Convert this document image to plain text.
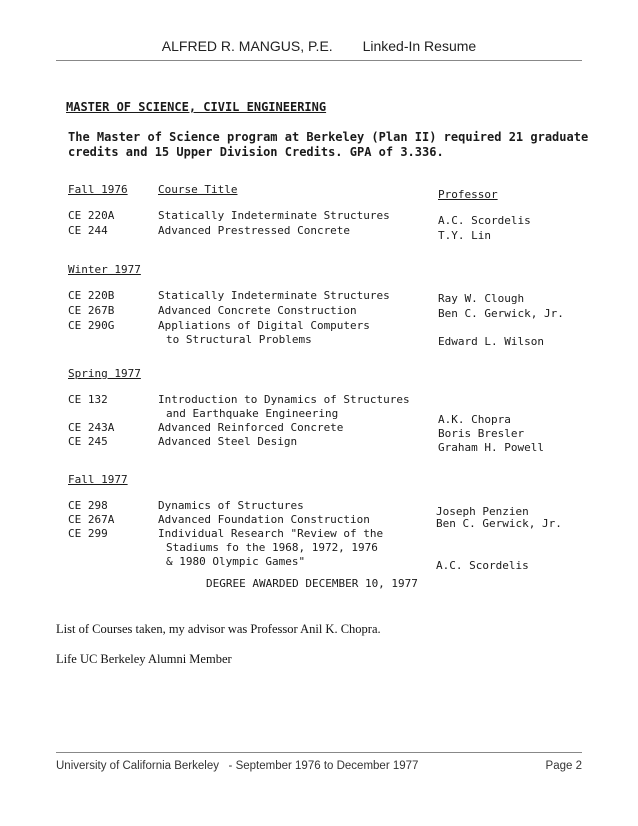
ALFRED R. MANGUS, P.E. Linked-In Resume
MASTER OF SCIENCE, CIVIL ENGINEERING
The Master of Science program at Berkeley (Plan II) required 21 graduate
credits and 15 Upper Division Credits. GPA of 3.336.
Fall 1976	Course Title	Professor
CE 220A	Statically Indeterminate Structures	A.C. Scordelis
CE 244	Advanced Prestressed Concrete	T.Y. Lin
Winter 1977
CE 220B	Statically Indeterminate Structures	Ray W. Clough
CE 267B	Advanced Concrete Construction	Ben C. Gerwick, Jr.
CE 290G	Appliations of Digital Computers
to Structural Problems	Edward L. Wilson
Spring 1977
CE 132	Introduction to Dynamics of Structures
and Earthquake Engineering	A.K. Chopra
CE 243A	Advanced Reinforced Concrete	Boris Bresler
CE 245	Advanced Steel Design	Graham H. Powell
Fall 1977
CE 298	Dynamics of Structures	Joseph Penzien
CE 267A	Advanced Foundation Construction	Ben C. Gerwick, Jr.
CE 299	Individual Research "Review of the
Stadiums fo the 1968, 1972, 1976
& 1980 Olympic Games"	A.C. Scordelis
DEGREE AWARDED DECEMBER 10, 1977
List of Courses taken, my advisor was Professor Anil K. Chopra.
Life UC Berkeley Alumni Member
University of California Berkeley   - September 1976 to December 1977	Page 2
